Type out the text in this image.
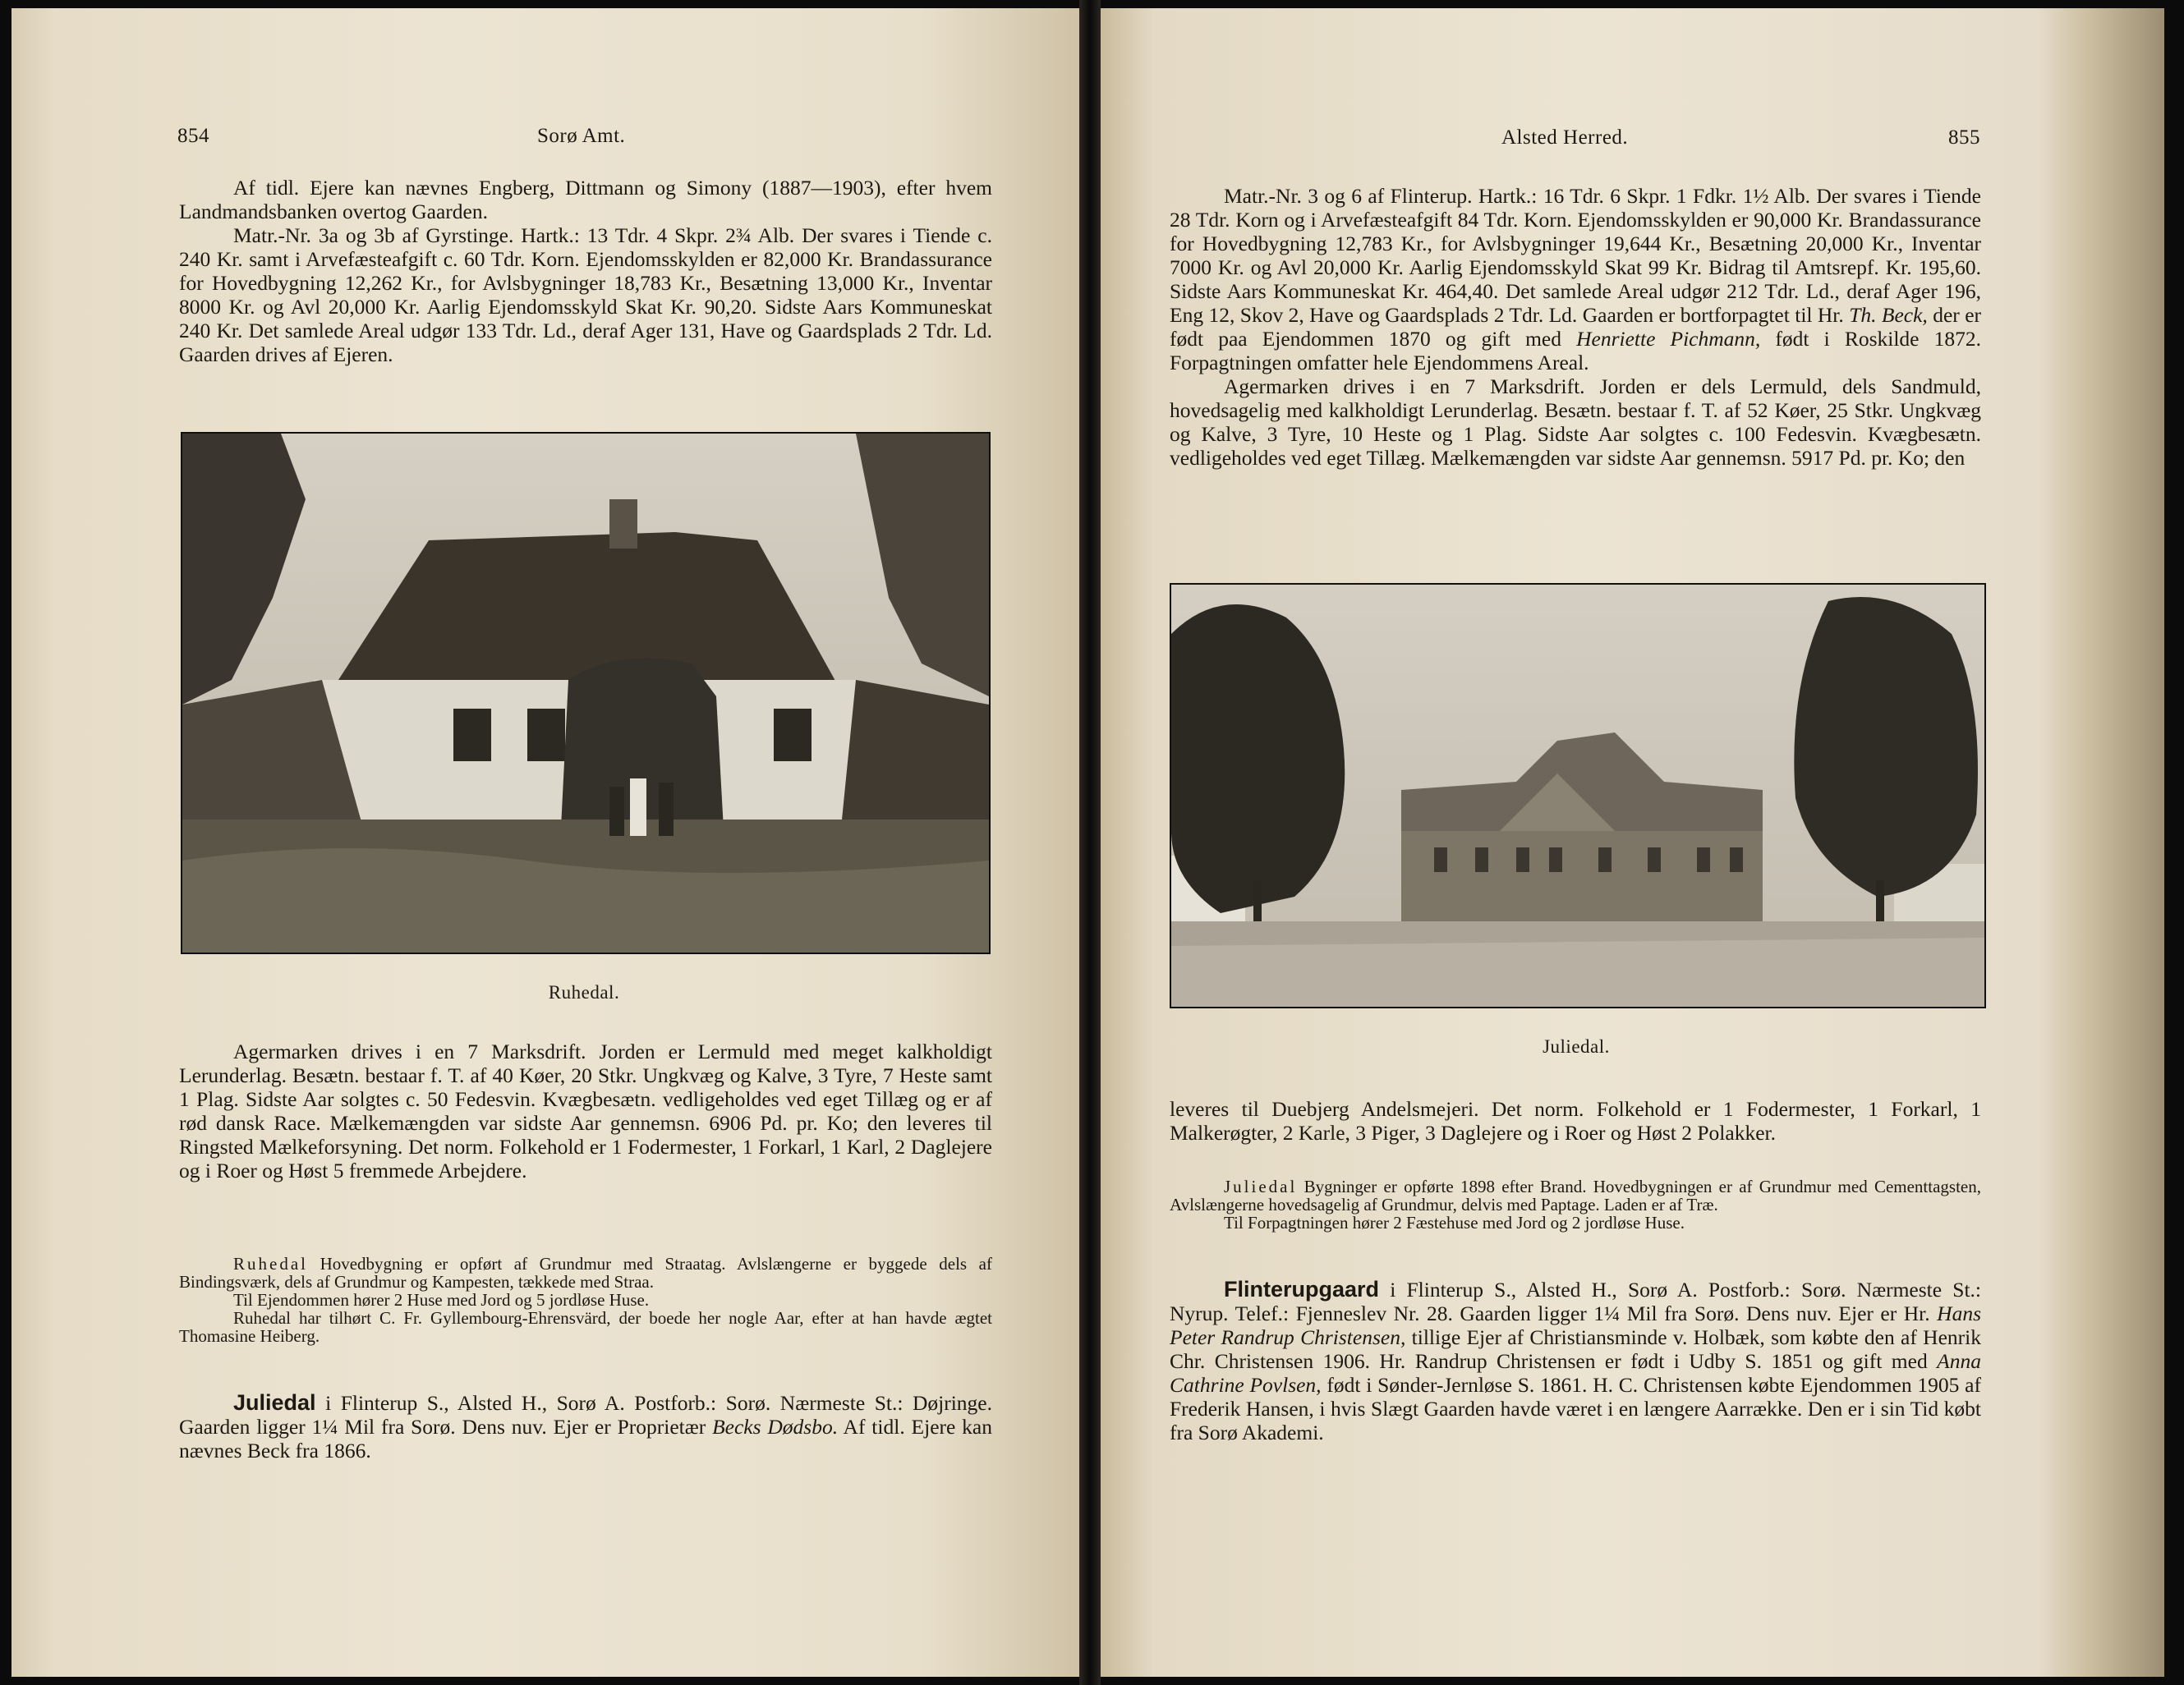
854	Sorø Amt.

Af tidl. Ejere kan nævnes Engberg, Dittmann og Simony (1887—1903), efter hvem Landmandsbanken overtog Gaarden.

Matr.-Nr. 3a og 3b af Gyrstinge. Hartk.: 13 Tdr. 4 Skpr. 2¾ Alb. Der svares i Tiende c. 240 Kr. samt i Arvefæsteafgift c. 60 Tdr. Korn. Ejendomsskylden er 82,000 Kr. Brandassurance for Hovedbygning 12,262 Kr., for Avlsbygninger 18,783 Kr., Besætning 13,000 Kr., Inventar 8000 Kr. og Avl 20,000 Kr. Aarlig Ejendomsskyld Skat Kr. 90,20. Sidste Aars Kommuneskat 240 Kr. Det samlede Areal udgør 133 Tdr. Ld., deraf Ager 131, Have og Gaardsplads 2 Tdr. Ld. Gaarden drives af Ejeren.

Ruhedal.

Agermarken drives i en 7 Marksdrift. Jorden er Lermuld med meget kalkholdigt Lerunderlag. Besætn. bestaar f. T. af 40 Køer, 20 Stkr. Ungkvæg og Kalve, 3 Tyre, 7 Heste samt 1 Plag. Sidste Aar solgtes c. 50 Fedesvin. Kvægbesætn. vedligeholdes ved eget Tillæg og er af rød dansk Race. Mælkemængden var sidste Aar gennemsn. 6906 Pd. pr. Ko; den leveres til Ringsted Mælkeforsyning. Det norm. Folkehold er 1 Fodermester, 1 Forkarl, 1 Karl, 2 Daglejere og i Roer og Høst 5 fremmede Arbejdere.

Ruhedal Hovedbygning er opført af Grundmur med Straatag. Avlslængerne er byggede dels af Bindingsværk, dels af Grundmur og Kampesten, tækkede med Straa.

Til Ejendommen hører 2 Huse med Jord og 5 jordløse Huse.

Ruhedal har tilhørt C. Fr. Gyllembourg-Ehrensvärd, der boede her nogle Aar, efter at han havde ægtet Thomasine Heiberg.

Juliedal i Flinterup S., Alsted H., Sorø A. Postforb.: Sorø. Nærmeste St.: Døjringe. Gaarden ligger 1¼ Mil fra Sorø. Dens nuv. Ejer er Proprietær Becks Dødsbo. Af tidl. Ejere kan nævnes Beck fra 1866.

Alsted Herred.	855

Matr.-Nr. 3 og 6 af Flinterup. Hartk.: 16 Tdr. 6 Skpr. 1 Fdkr. 1½ Alb. Der svares i Tiende 28 Tdr. Korn og i Arvefæsteafgift 84 Tdr. Korn. Ejendomsskylden er 90,000 Kr. Brandassurance for Hovedbygning 12,783 Kr., for Avlsbygninger 19,644 Kr., Besætning 20,000 Kr., Inventar 7000 Kr. og Avl 20,000 Kr. Aarlig Ejendomsskyld Skat 99 Kr. Bidrag til Amtsrepf. Kr. 195,60. Sidste Aars Kommuneskat Kr. 464,40. Det samlede Areal udgør 212 Tdr. Ld., deraf Ager 196, Eng 12, Skov 2, Have og Gaardsplads 2 Tdr. Ld. Gaarden er bortforpagtet til Hr. Th. Beck, der er født paa Ejendommen 1870 og gift med Henriette Pichmann, født i Roskilde 1872. Forpagtningen omfatter hele Ejendommens Areal.

Agermarken drives i en 7 Marksdrift. Jorden er dels Lermuld, dels Sandmuld, hovedsagelig med kalkholdigt Lerunderlag. Besætn. bestaar f. T. af 52 Køer, 25 Stkr. Ungkvæg og Kalve, 3 Tyre, 10 Heste og 1 Plag. Sidste Aar solgtes c. 100 Fedesvin. Kvægbesætn. vedligeholdes ved eget Tillæg. Mælkemængden var sidste Aar gennemsn. 5917 Pd. pr. Ko; den

Juliedal.

leveres til Duebjerg Andelsmejeri. Det norm. Folkehold er 1 Fodermester, 1 Forkarl, 1 Malkerøgter, 2 Karle, 3 Piger, 3 Daglejere og i Roer og Høst 2 Polakker.

Juliedal Bygninger er opførte 1898 efter Brand. Hovedbygningen er af Grundmur med Cementtagsten, Avlslængerne hovedsagelig af Grundmur, delvis med Paptage. Laden er af Træ.

Til Forpagtningen hører 2 Fæstehuse med Jord og 2 jordløse Huse.

Flinterupgaard i Flinterup S., Alsted H., Sorø A. Postforb.: Sorø. Nærmeste St.: Nyrup. Telef.: Fjenneslev Nr. 28. Gaarden ligger 1¼ Mil fra Sorø. Dens nuv. Ejer er Hr. Hans Peter Randrup Christensen, tillige Ejer af Christiansminde v. Holbæk, som købte den af Henrik Chr. Christensen 1906. Hr. Randrup Christensen er født i Udby S. 1851 og gift med Anna Cathrine Povlsen, født i Sønder-Jernløse S. 1861. H. C. Christensen købte Ejendommen 1905 af Frederik Hansen, i hvis Slægt Gaarden havde været i en længere Aarrække. Den er i sin Tid købt fra Sorø Akademi.
